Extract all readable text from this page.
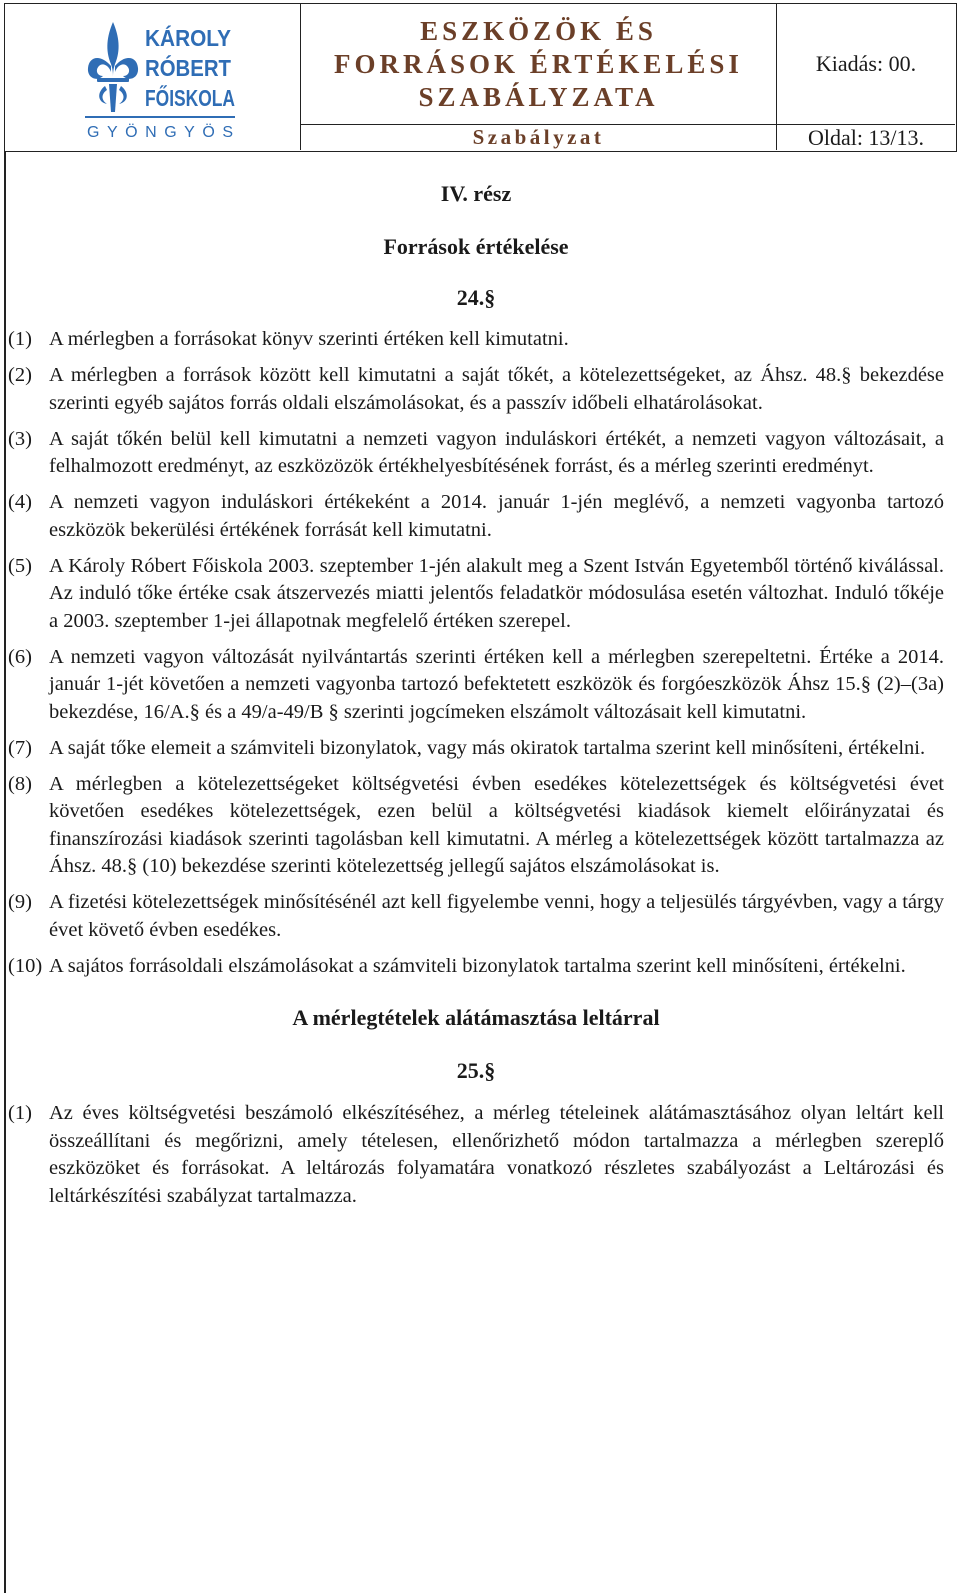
KÁROLY
RÓBERT
FŐISKOLA
GYÖNGYÖS
ESZKÖZÖK ÉS
FORRÁSOK ÉRTÉKELÉSI
SZABÁLYZATA
Kiadás: 00.
Szabályzat	Oldal: 13/13.
IV. rész
Források értékelése
24.§
(1) A mérlegben a forrásokat könyv szerinti értéken kell kimutatni.
(2) A mérlegben a források között kell kimutatni a saját tőkét, a kötelezettségeket, az Áhsz. 48.§ bekezdése szerinti egyéb sajátos forrás oldali elszámolásokat, és a passzív időbeli elhatárolásokat.
(3) A saját tőkén belül kell kimutatni a nemzeti vagyon induláskori értékét, a nemzeti vagyon változásait, a felhalmozott eredményt, az eszközözök értékhelyesbítésének forrást, és a mérleg szerinti eredményt.
(4) A nemzeti vagyon induláskori értékeként a 2014. január 1-jén meglévő, a nemzeti vagyonba tartozó eszközök bekerülési értékének forrását kell kimutatni.
(5) A Károly Róbert Főiskola 2003. szeptember 1-jén alakult meg a Szent István Egyetemből történő kiválással. Az induló tőke értéke csak átszervezés miatti jelentős feladatkör módosulása esetén változhat. Induló tőkéje a 2003. szeptember 1-jei állapotnak megfelelő értéken szerepel.
(6) A nemzeti vagyon változását nyilvántartás szerinti értéken kell a mérlegben szerepeltetni. Értéke a 2014. január 1-jét követően a nemzeti vagyonba tartozó befektetett eszközök és forgóeszközök Áhsz 15.§ (2)–(3a) bekezdése, 16/A.§ és a 49/a-49/B § szerinti jogcímeken elszámolt változásait kell kimutatni.
(7) A saját tőke elemeit a számviteli bizonylatok, vagy más okiratok tartalma szerint kell minősíteni, értékelni.
(8) A mérlegben a kötelezettségeket költségvetési évben esedékes kötelezettségek és költségvetési évet követően esedékes kötelezettségek, ezen belül a költségvetési kiadások kiemelt előirányzatai és finanszírozási kiadások szerinti tagolásban kell kimutatni. A mérleg a kötelezettségek között tartalmazza az Áhsz. 48.§ (10) bekezdése szerinti kötelezettség jellegű sajátos elszámolásokat is.
(9) A fizetési kötelezettségek minősítésénél azt kell figyelembe venni, hogy a teljesülés tárgyévben, vagy a tárgy évet követő évben esedékes.
(10) A sajátos forrásoldali elszámolásokat a számviteli bizonylatok tartalma szerint kell minősíteni, értékelni.
A mérlegtételek alátámasztása leltárral
25.§
(1) Az éves költségvetési beszámoló elkészítéséhez, a mérleg tételeinek alátámasztásához olyan leltárt kell összeállítani és megőrizni, amely tételesen, ellenőrizhető módon tartalmazza a mérlegben szereplő eszközöket és forrásokat. A leltározás folyamatára vonatkozó részletes szabályozást a Leltározási és leltárkészítési szabályzat tartalmazza.
